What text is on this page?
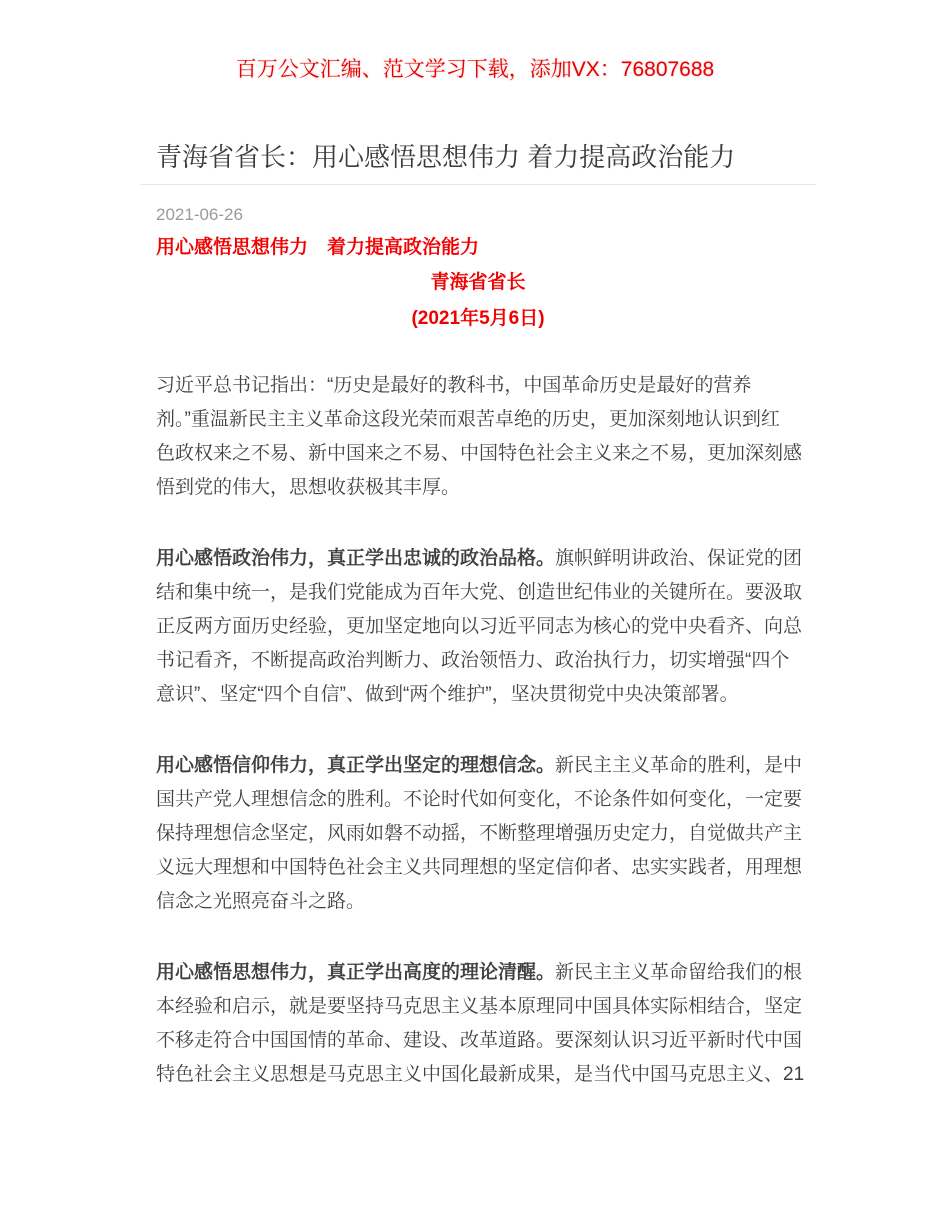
百万公文汇编、范文学习下载，添加VX：76807688
青海省省长：用心感悟思想伟力 着力提高政治能力
2021-06-26
用心感悟思想伟力　着力提高政治能力
青海省省长
(2021年5月6日)
习近平总书记指出：“历史是最好的教科书，中国革命历史是最好的营养
剂。”重温新民主主义革命这段光荣而艰苦卓绝的历史，更加深刻地认识到红
色政权来之不易、新中国来之不易、中国特色社会主义来之不易，更加深刻感
悟到党的伟大，思想收获极其丰厚。
用心感悟政治伟力，真正学出忠诚的政治品格。旗帜鲜明讲政治、保证党的团
结和集中统一，是我们党能成为百年大党、创造世纪伟业的关键所在。要汲取
正反两方面历史经验，更加坚定地向以习近平同志为核心的党中央看齐、向总
书记看齐，不断提高政治判断力、政治领悟力、政治执行力，切实增强“四个
意识”、坚定“四个自信”、做到“两个维护”，坚决贯彻党中央决策部署。
用心感悟信仰伟力，真正学出坚定的理想信念。新民主主义革命的胜利，是中
国共产党人理想信念的胜利。不论时代如何变化，不论条件如何变化，一定要
保持理想信念坚定，风雨如磐不动摇，不断整理增强历史定力，自觉做共产主
义远大理想和中国特色社会主义共同理想的坚定信仰者、忠实实践者，用理想
信念之光照亮奋斗之路。
用心感悟思想伟力，真正学出高度的理论清醒。新民主主义革命留给我们的根
本经验和启示，就是要坚持马克思主义基本原理同中国具体实际相结合，坚定
不移走符合中国国情的革命、建设、改革道路。要深刻认识习近平新时代中国
特色社会主义思想是马克思主义中国化最新成果，是当代中国马克思主义、21
